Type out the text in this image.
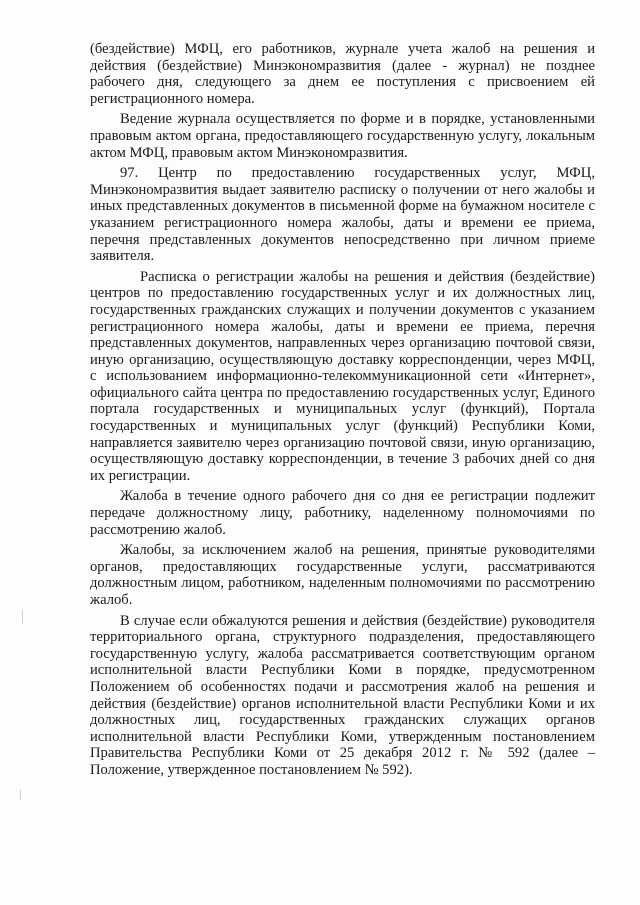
(бездействие) МФЦ, его работников, журнале учета жалоб на решения и действия (бездействие) Минэкономразвития (далее - журнал) не позднее рабочего дня, следующего за днем ее поступления с присвоением ей регистрационного номера.

Ведение журнала осуществляется по форме и в порядке, установленными правовым актом органа, предоставляющего государственную услугу, локальным актом МФЦ, правовым актом Минэкономразвития.

97. Центр по предоставлению государственных услуг, МФЦ, Минэкономразвития выдает заявителю расписку о получении от него жалобы и иных представленных документов в письменной форме на бумажном носителе с указанием регистрационного номера жалобы, даты и времени ее приема, перечня представленных документов непосредственно при личном приеме заявителя.

Расписка о регистрации жалобы на решения и действия (бездействие) центров по предоставлению государственных услуг и их должностных лиц, государственных гражданских служащих и получении документов с указанием регистрационного номера жалобы, даты и времени ее приема, перечня представленных документов, направленных через организацию почтовой связи, иную организацию, осуществляющую доставку корреспонденции, через МФЦ, с использованием информационно-телекоммуникационной сети «Интернет», официального сайта центра по предоставлению государственных услуг, Единого портала государственных и муниципальных услуг (функций), Портала государственных и муниципальных услуг (функций) Республики Коми, направляется заявителю через организацию почтовой связи, иную организацию, осуществляющую доставку корреспонденции, в течение 3 рабочих дней со дня их регистрации.

Жалоба в течение одного рабочего дня со дня ее регистрации подлежит передаче должностному лицу, работнику, наделенному полномочиями по рассмотрению жалоб.

Жалобы, за исключением жалоб на решения, принятые руководителями органов, предоставляющих государственные услуги, рассматриваются должностным лицом, работником, наделенным полномочиями по рассмотрению жалоб.

В случае если обжалуются решения и действия (бездействие) руководителя территориального органа, структурного подразделения, предоставляющего государственную услугу, жалоба рассматривается соответствующим органом исполнительной власти Республики Коми в порядке, предусмотренном Положением об особенностях подачи и рассмотрения жалоб на решения и действия (бездействие) органов исполнительной власти Республики Коми и их должностных лиц, государственных гражданских служащих органов исполнительной власти Республики Коми, утвержденным постановлением Правительства Республики Коми от 25 декабря 2012 г. № 592 (далее – Положение, утвержденное постановлением № 592).
